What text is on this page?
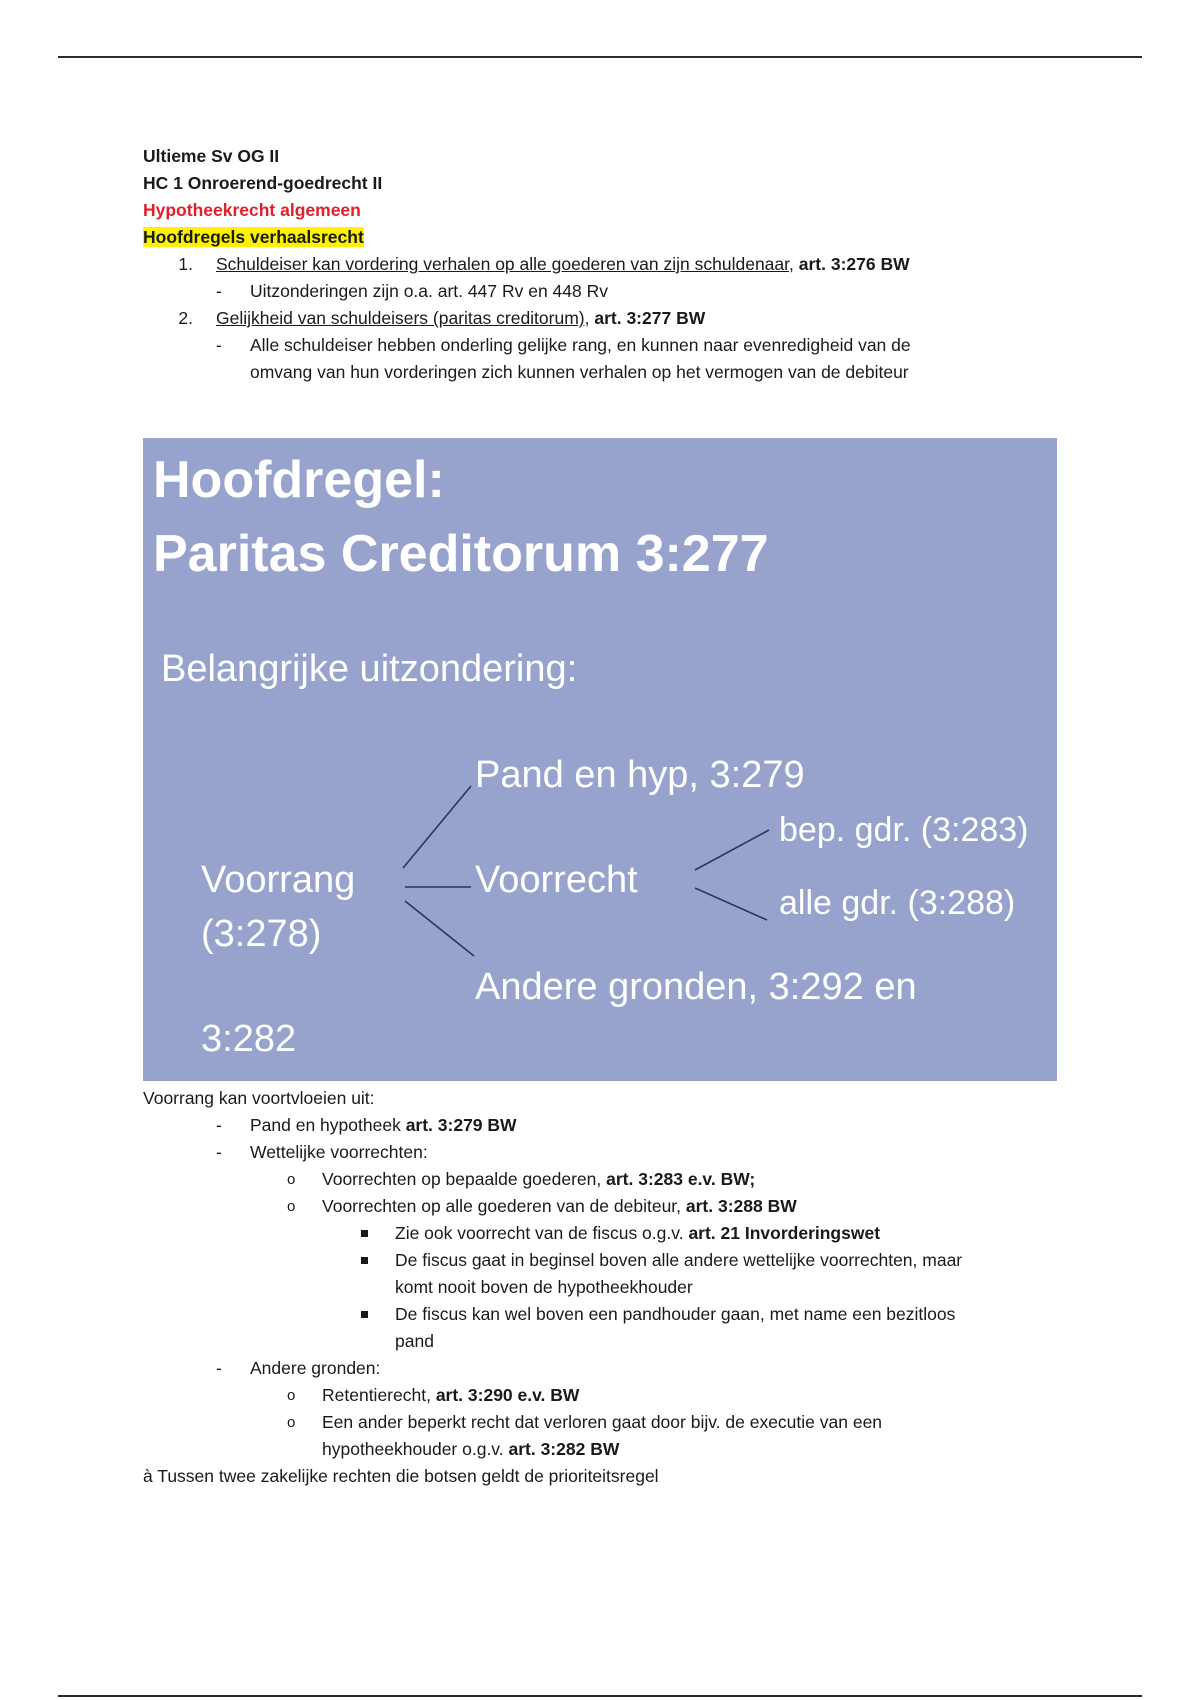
Ultieme Sv OG II
HC 1 Onroerend-goedrecht II
Hypotheekrecht algemeen
Hoofdregels verhaalsrecht
1. Schuldeiser kan vordering verhalen op alle goederen van zijn schuldenaar, art. 3:276 BW
- Uitzonderingen zijn o.a. art. 447 Rv en 448 Rv
2. Gelijkheid van schuldeisers (paritas creditorum), art. 3:277 BW
- Alle schuldeiser hebben onderling gelijke rang, en kunnen naar evenredigheid van de
omvang van hun vorderingen zich kunnen verhalen op het vermogen van de debiteur
Hoofdregel:
Paritas Creditorum 3:277
Belangrijke uitzondering:
Voorrang
(3:278)
Pand en hyp, 3:279
Voorrecht
Andere gronden, 3:292 en
3:282
bep. gdr. (3:283)
alle gdr. (3:288)
Voorrang kan voortvloeien uit:
- Pand en hypotheek art. 3:279 BW
- Wettelijke voorrechten:
o Voorrechten op bepaalde goederen, art. 3:283 e.v. BW;
o Voorrechten op alle goederen van de debiteur, art. 3:288 BW
Zie ook voorrecht van de fiscus o.g.v. art. 21 Invorderingswet
De fiscus gaat in beginsel boven alle andere wettelijke voorrechten, maar
komt nooit boven de hypotheekhouder
De fiscus kan wel boven een pandhouder gaan, met name een bezitloos
pand
- Andere gronden:
o Retentierecht, art. 3:290 e.v. BW
o Een ander beperkt recht dat verloren gaat door bijv. de executie van een
hypotheekhouder o.g.v. art. 3:282 BW
à Tussen twee zakelijke rechten die botsen geldt de prioriteitsregel
